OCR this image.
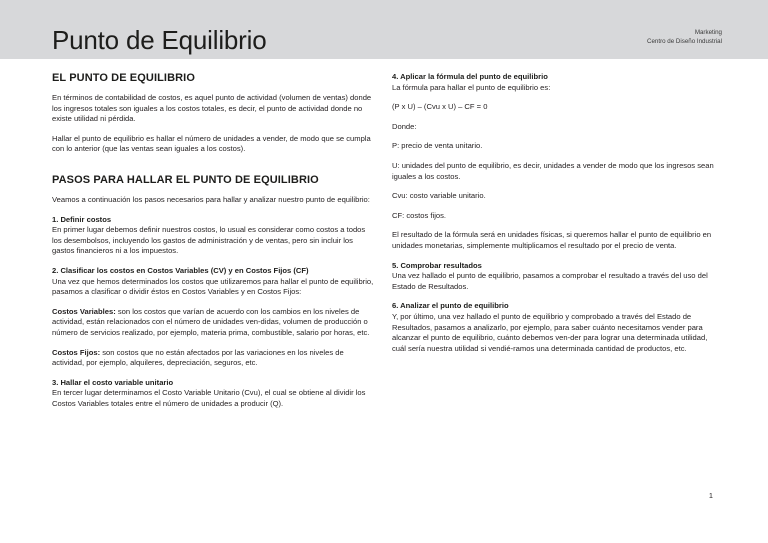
Punto de Equilibrio	Marketing
Centro de Diseño Industrial
EL PUNTO DE EQUILIBRIO

En términos de contabilidad de costos, es aquel punto de actividad (volumen de ventas) donde los ingresos totales son iguales a los costos totales, es decir, el punto de actividad donde no existe utilidad ni pérdida.

Hallar el punto de equilibrio es hallar el número de unidades a vender, de modo que se cumpla con lo anterior (que las ventas sean iguales a los costos).

PASOS PARA HALLAR EL PUNTO DE EQUILIBRIO

Veamos a continuación los pasos necesarios para hallar y analizar nuestro punto de equilibrio:

1. Definir costos

En primer lugar debemos definir nuestros costos, lo usual es considerar como costos a todos los desembolsos, incluyendo los gastos de administración y de ventas, pero sin incluir los gastos financieros ni a los impuestos.

2. Clasificar los costos en Costos Variables (CV) y en Costos Fijos (CF)

Una vez que hemos determinados los costos que utilizaremos para hallar el punto de equilibrio, pasamos a clasificar o dividir éstos en Costos Variables y en Costos Fijos:

Costos Variables: son los costos que varían de acuerdo con los cambios en los niveles de actividad, están relacionados con el número de unidades ven-didas, volumen de producción o número de servicios realizado, por ejemplo, materia prima, combustible, salario por horas, etc.

Costos Fijos: son costos que no están afectados por las variaciones en los niveles de actividad, por ejemplo, alquileres, depreciación, seguros, etc.

3. Hallar el costo variable unitario

En tercer lugar determinamos el Costo Variable Unitario (Cvu), el cual se obtiene al dividir los Costos Variables totales entre el número de unidades a producir (Q).

4. Aplicar la fórmula del punto de equilibrio

La fórmula para hallar el punto de equilibrio es:

(P x U) – (Cvu x U) – CF = 0

Donde:

P: precio de venta unitario.

U: unidades del punto de equilibrio, es decir, unidades a vender de modo que los ingresos sean iguales a los costos.

Cvu: costo variable unitario.

CF: costos fijos.

El resultado de la fórmula será en unidades físicas, si queremos hallar el punto de equilibrio en unidades monetarias, simplemente multiplicamos el resultado por el precio de venta.

5. Comprobar resultados

Una vez hallado el punto de equilibrio, pasamos a comprobar el resultado a través del uso del Estado de Resultados.

6. Analizar el punto de equilibrio

Y, por último, una vez hallado el punto de equilibrio y comprobado a través del Estado de Resultados, pasamos a analizarlo, por ejemplo, para saber cuánto necesitamos vender para alcanzar el punto de equilibrio, cuánto debemos ven-der para lograr una determinada utilidad, cuál sería nuestra utilidad si vendié-ramos una determinada cantidad de productos, etc.

1
